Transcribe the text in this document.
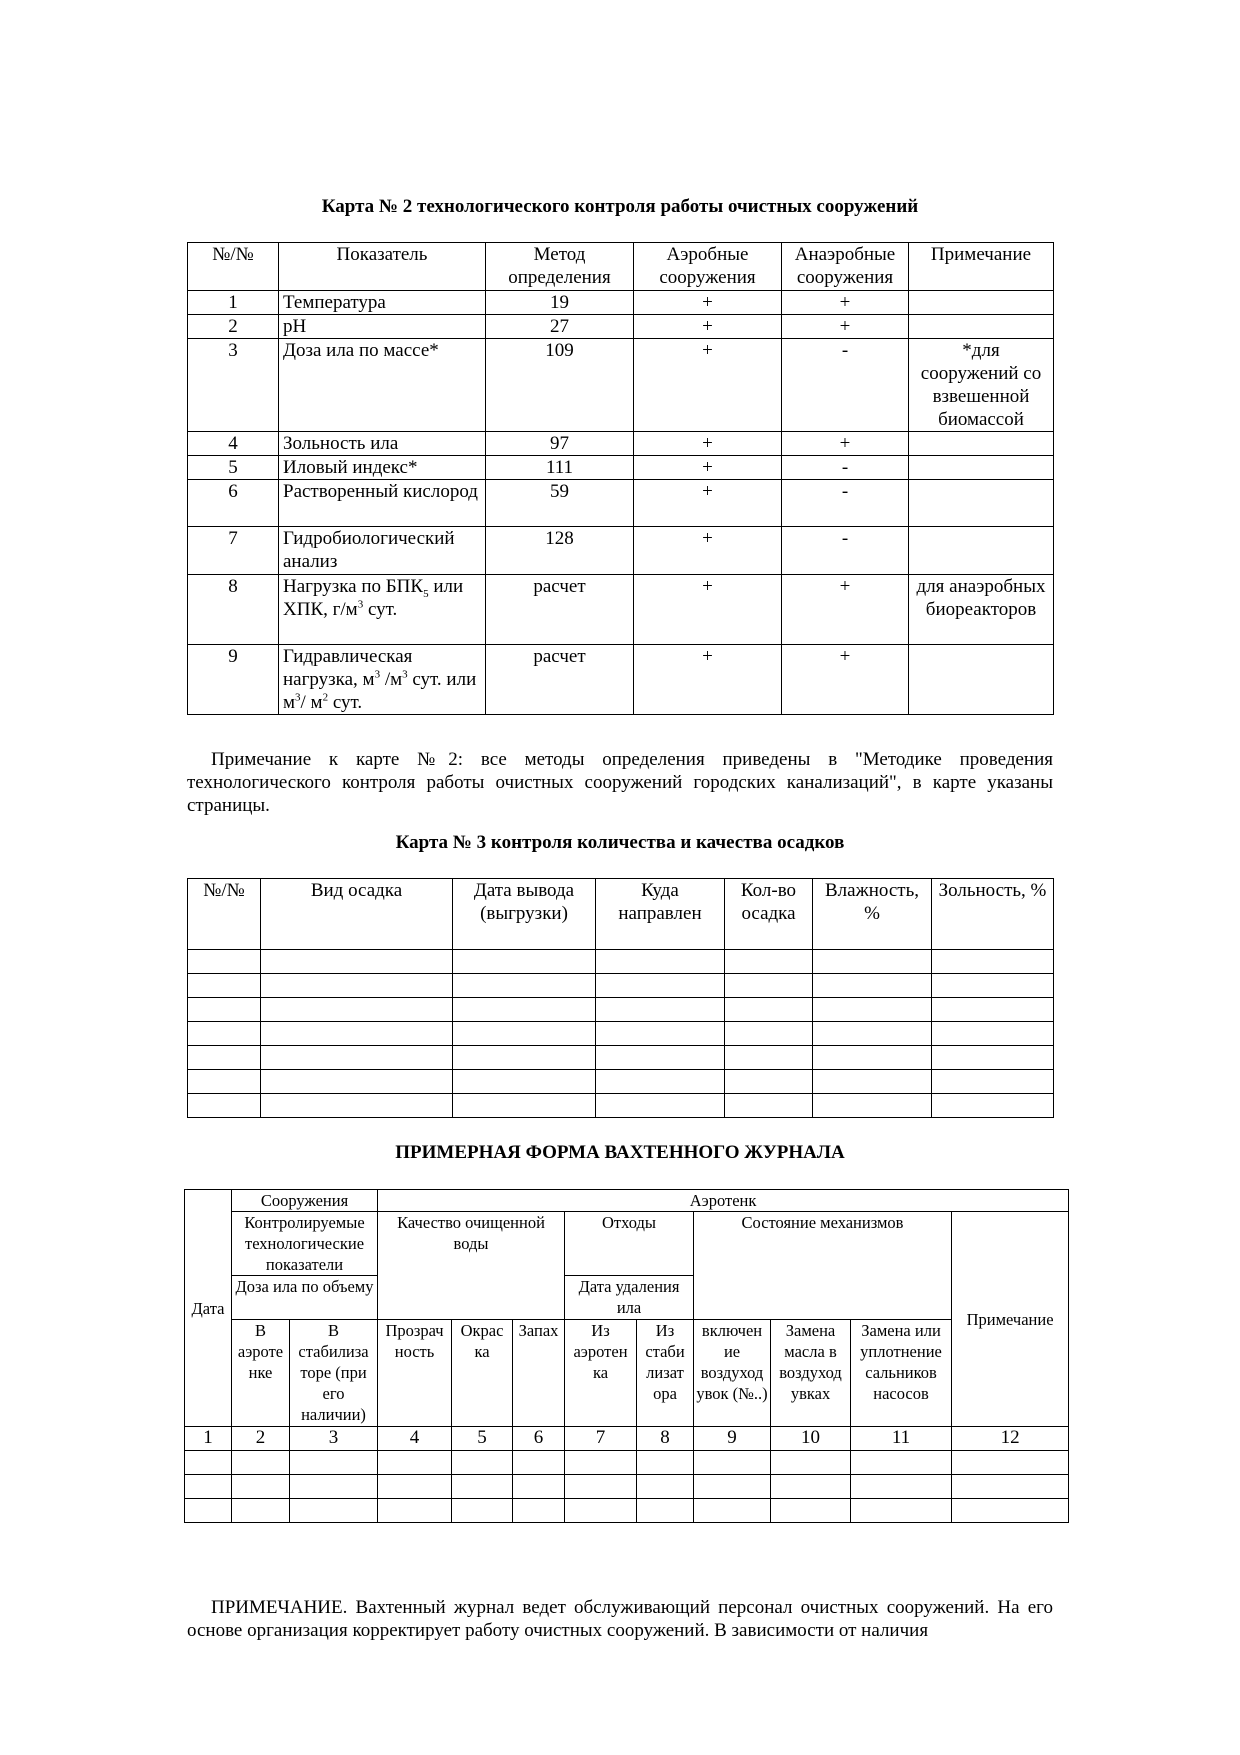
Карта № 2 технологического контроля работы очистных сооружений
№/№	Показатель	Метод определения	Аэробные сооружения	Анаэробные сооружения	Примечание
1	Температура	19	+	+	
2	pH	27	+	+	
3	Доза ила по массе*	109	+	-	*для сооружений со взвешенной биомассой
4	Зольность ила	97	+	+	
5	Иловый индекс*	111	+	-	
6	Растворенный кислород	59	+	-	
7	Гидробиологический анализ	128	+	-	
8	Нагрузка по $БПК_5$ или ХПК, $г/м^3$ сут.	расчет	+	+	для анаэробных биореакторов
9	Гидравлическая нагрузка, $м^3$ $/м^3$ сут. или $м^3/$ $м^2$ сут.	расчет	+	+	
Примечание к карте №2: все методы определения приведены в "Методике проведения технологического контроля работы очистных сооружений городских канализаций", в карте указаны страницы.
Карта № 3 контроля количества и качества осадков
№/№	Вид осадка	Дата вывода (выгрузки)	Куда направлен	Кол-во осадка	Влажность, %	Зольность, %

ПРИМЕРНАЯ ФОРМА ВАХТЕННОГО ЖУРНАЛА
Дата	Сооружения		Аэротенк								
	Контролируемые технологические показатели		Качество очищенной воды			Отходы		Состояние механизмов			Примечание
	Доза ила по объему					Дата удаления ила					
	В аэроте нке	В стабилиза торе (при его наличии)	Прозрач ность	Окрас ка	Запах	Из аэротен ка	Из стаби лизат ора	включен ие воздуход увок (№..)	Замена масла в воздуход увках	Замена или уплотнение сальников насосов	
1	2	3	4	5	6	7	8	9	10	11	12

ПРИМЕЧАНИЕ. Вахтенный журнал ведет обслуживающий персонал очистных сооружений. На его основе организация корректирует работу очистных сооружений. В зависимости от наличия
